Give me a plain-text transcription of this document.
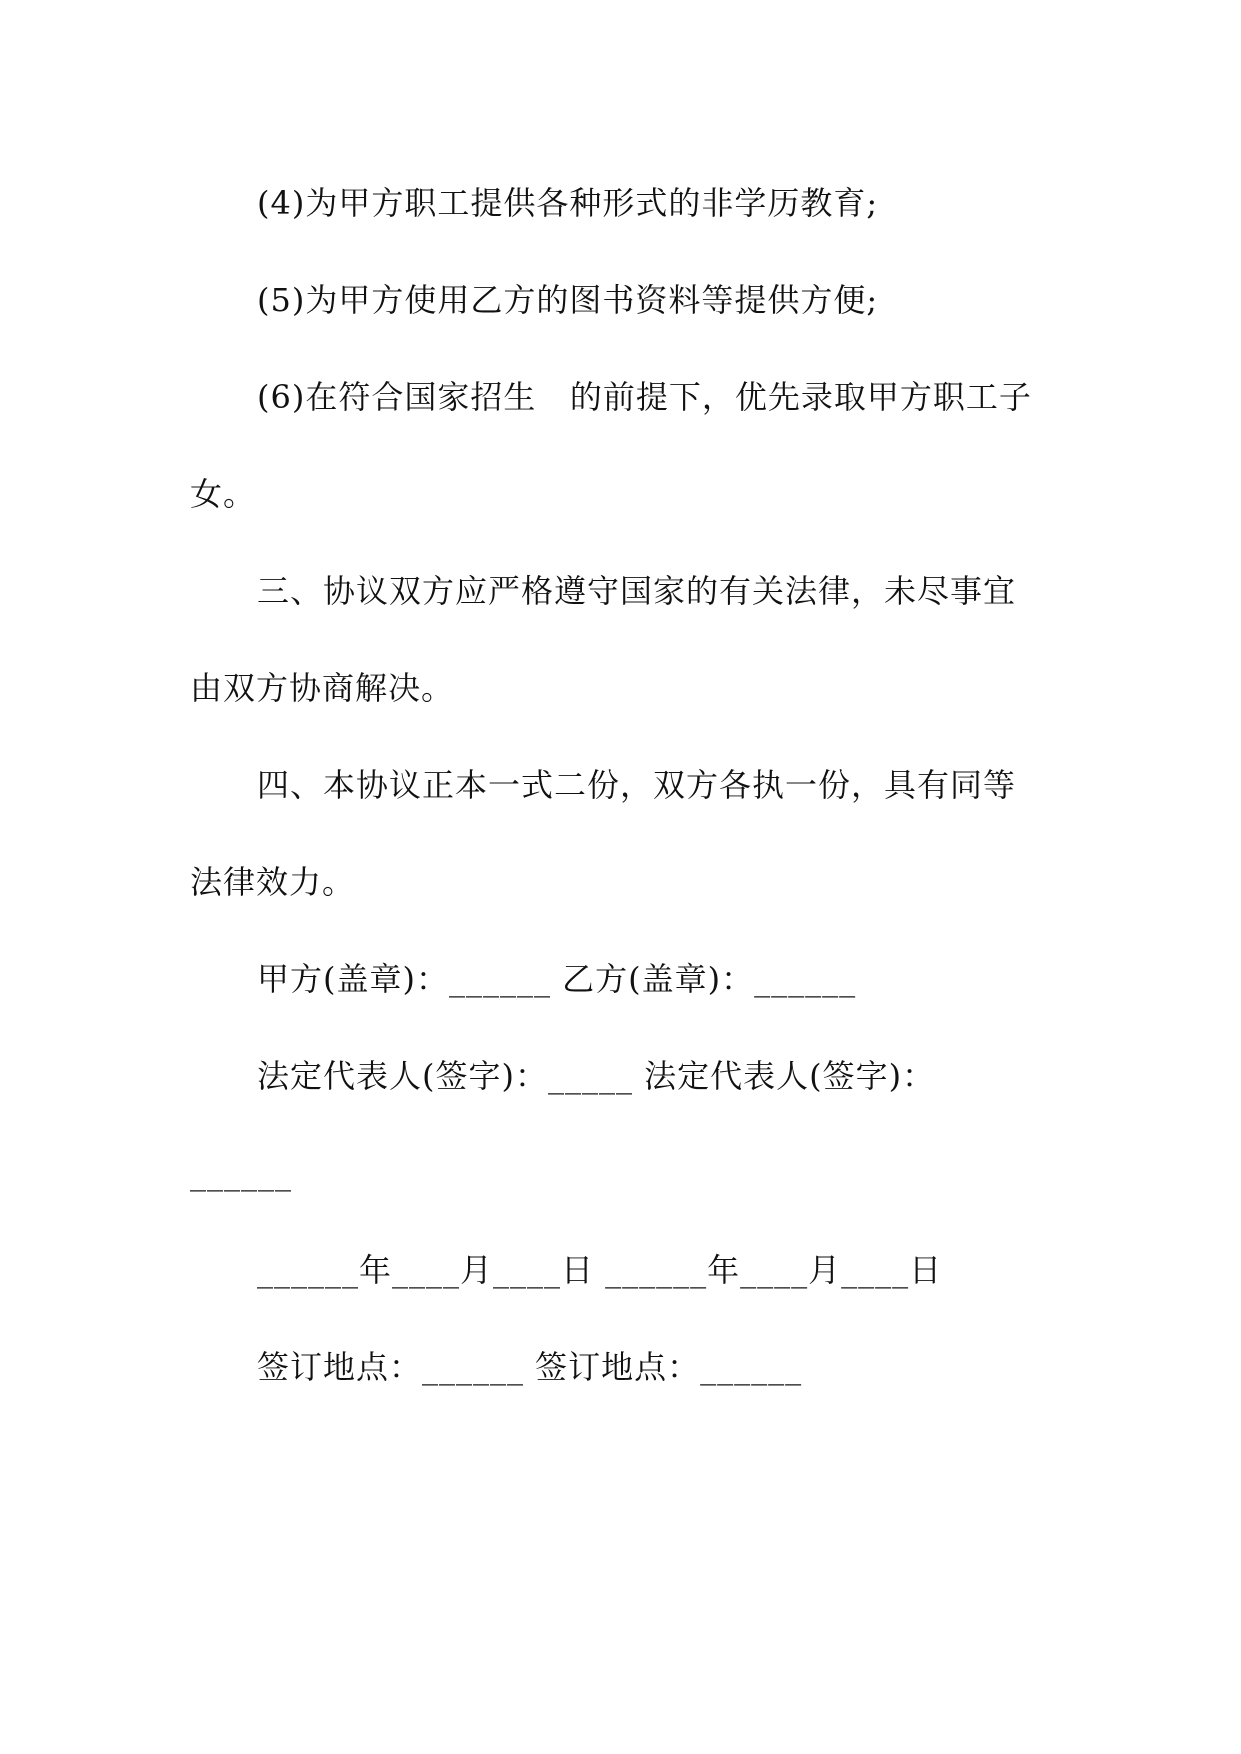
(4)为甲方职工提供各种形式的非学历教育;
(5)为甲方使用乙方的图书资料等提供方便;
(6)在符合国家招生   的前提下，优先录取甲方职工子
女。
三、协议双方应严格遵守国家的有关法律，未尽事宜
由双方协商解决。
四、本协议正本一式二份，双方各执一份，具有同等
法律效力。
甲方(盖章)：______ 乙方(盖章)：______
法定代表人(签字)：_____ 法定代表人(签字)：
______
______年____月____日 ______年____月____日
签订地点：______ 签订地点：______
